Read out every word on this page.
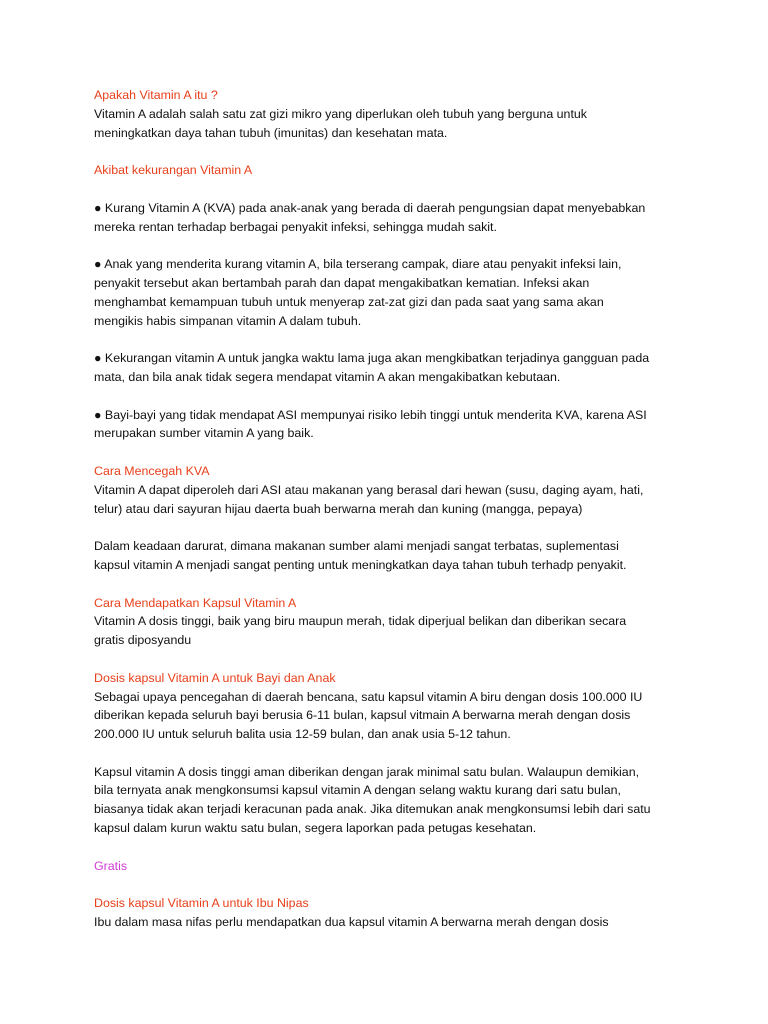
Apakah Vitamin A itu ?

Vitamin A adalah salah satu zat gizi mikro yang diperlukan oleh tubuh yang berguna untuk
meningkatkan daya tahan tubuh (imunitas) dan kesehatan mata.

Akibat kekurangan Vitamin A

● Kurang Vitamin A (KVA) pada anak-anak yang berada di daerah pengungsian dapat menyebabkan
mereka rentan terhadap berbagai penyakit infeksi, sehingga mudah sakit.

● Anak yang menderita kurang vitamin A, bila terserang campak, diare atau penyakit infeksi lain,
penyakit tersebut akan bertambah parah dan dapat mengakibatkan kematian. Infeksi akan
menghambat kemampuan tubuh untuk menyerap zat-zat gizi dan pada saat yang sama akan
mengikis habis simpanan vitamin A dalam tubuh.

● Kekurangan vitamin A untuk jangka waktu lama juga akan mengkibatkan terjadinya gangguan pada
mata, dan bila anak tidak segera mendapat vitamin A akan mengakibatkan kebutaan.

● Bayi-bayi yang tidak mendapat ASI mempunyai risiko lebih tinggi untuk menderita KVA, karena ASI
merupakan sumber vitamin A yang baik.

Cara Mencegah KVA

Vitamin A dapat diperoleh dari ASI atau makanan yang berasal dari hewan (susu, daging ayam, hati,
telur) atau dari sayuran hijau daerta buah berwarna merah dan kuning (mangga, pepaya)

Dalam keadaan darurat, dimana makanan sumber alami menjadi sangat terbatas, suplementasi
kapsul vitamin A menjadi sangat penting untuk meningkatkan daya tahan tubuh terhadp penyakit.

Cara Mendapatkan Kapsul Vitamin A

Vitamin A dosis tinggi, baik yang biru maupun merah, tidak diperjual belikan dan diberikan secara
gratis diposyandu

Dosis kapsul Vitamin A untuk Bayi dan Anak

Sebagai upaya pencegahan di daerah bencana, satu kapsul vitamin A biru dengan dosis 100.000 IU
diberikan kepada seluruh bayi berusia 6-11 bulan, kapsul vitmain A berwarna merah dengan dosis
200.000 IU untuk seluruh balita usia 12-59 bulan, dan anak usia 5-12 tahun.

Kapsul vitamin A dosis tinggi aman diberikan dengan jarak minimal satu bulan. Walaupun demikian,
bila ternyata anak mengkonsumsi kapsul vitamin A dengan selang waktu kurang dari satu bulan,
biasanya tidak akan terjadi keracunan pada anak. Jika ditemukan anak mengkonsumsi lebih dari satu
kapsul dalam kurun waktu satu bulan, segera laporkan pada petugas kesehatan.

Gratis
Dosis kapsul Vitamin A untuk Ibu Nipas

Ibu dalam masa nifas perlu mendapatkan dua kapsul vitamin A berwarna merah dengan dosis
